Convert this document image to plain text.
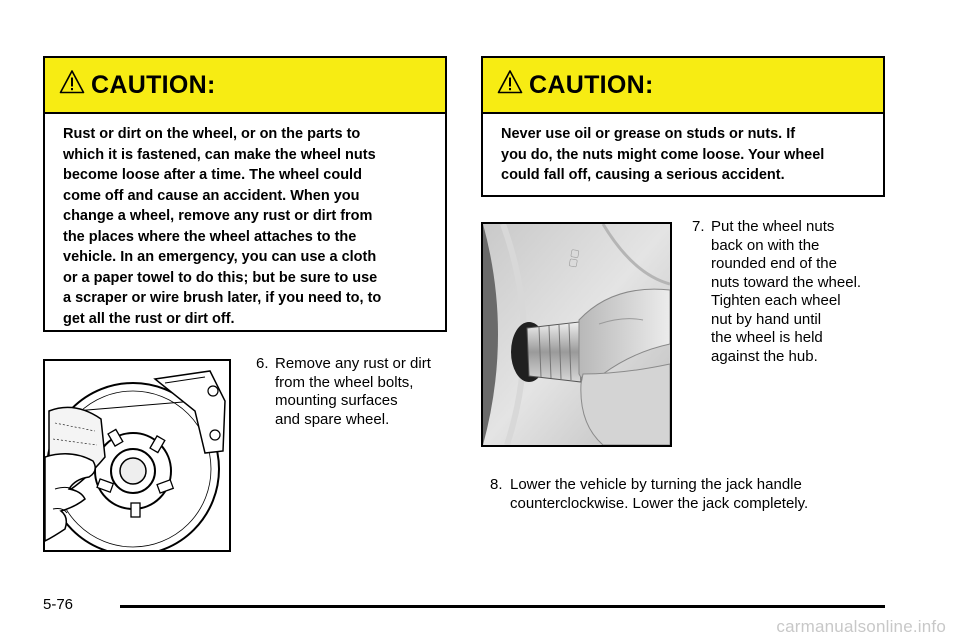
CAUTION:
Rust or dirt on the wheel, or on the parts to
which it is fastened, can make the wheel nuts
become loose after a time. The wheel could
come off and cause an accident. When you
change a wheel, remove any rust or dirt from
the places where the wheel attaches to the
vehicle. In an emergency, you can use a cloth
or a paper towel to do this; but be sure to use
a scraper or wire brush later, if you need to, to
get all the rust or dirt off.
CAUTION:
Never use oil or grease on studs or nuts. If
you do, the nuts might come loose. Your wheel
could fall off, causing a serious accident.
▢▢

6. Remove any rust or dirt
from the wheel bolts,
mounting surfaces
and spare wheel.

7. Put the wheel nuts
back on with the
rounded end of the
nuts toward the wheel.
Tighten each wheel
nut by hand until
the wheel is held
against the hub.

8. Lower the vehicle by turning the jack handle
counterclockwise. Lower the jack completely.

5-76
carmanualsonline.info
